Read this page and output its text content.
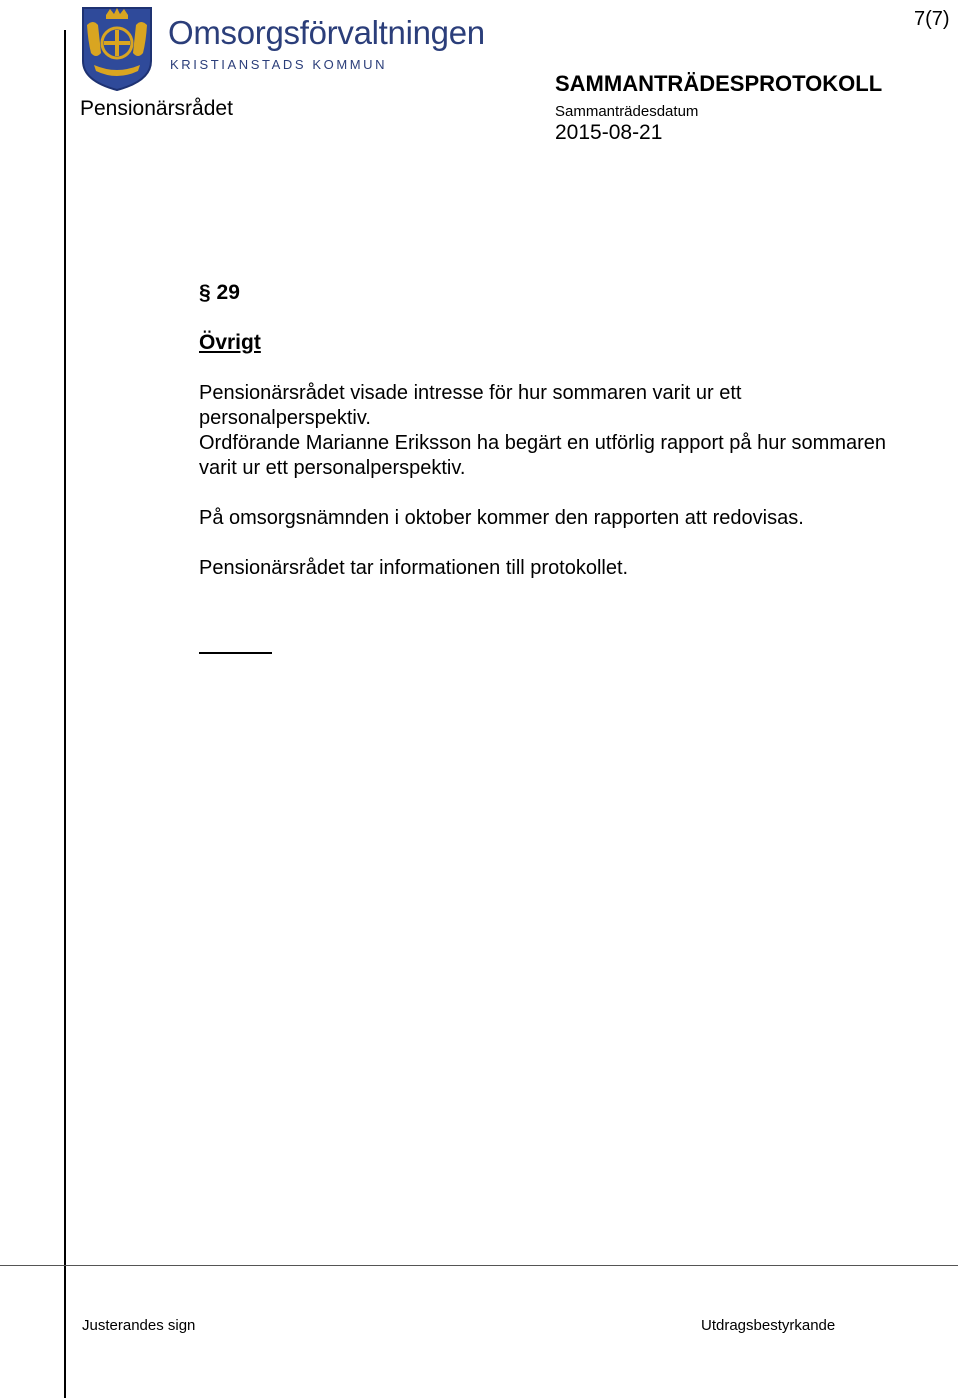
Omsorgsförvaltningen
KRISTIANSTADS KOMMUN
7(7)
Pensionärsrådet
SAMMANTRÄDESPROTOKOLL
Sammanträdesdatum
2015-08-21
§ 29
Övrigt
Pensionärsrådet visade intresse för hur sommaren varit ur ett
personalperspektiv.
Ordförande Marianne Eriksson ha begärt en utförlig rapport på hur sommaren
varit ur ett personalperspektiv.
På omsorgsnämnden i oktober kommer den rapporten att redovisas.
Pensionärsrådet tar informationen till protokollet.
Justerandes sign	Utdragsbestyrkande
